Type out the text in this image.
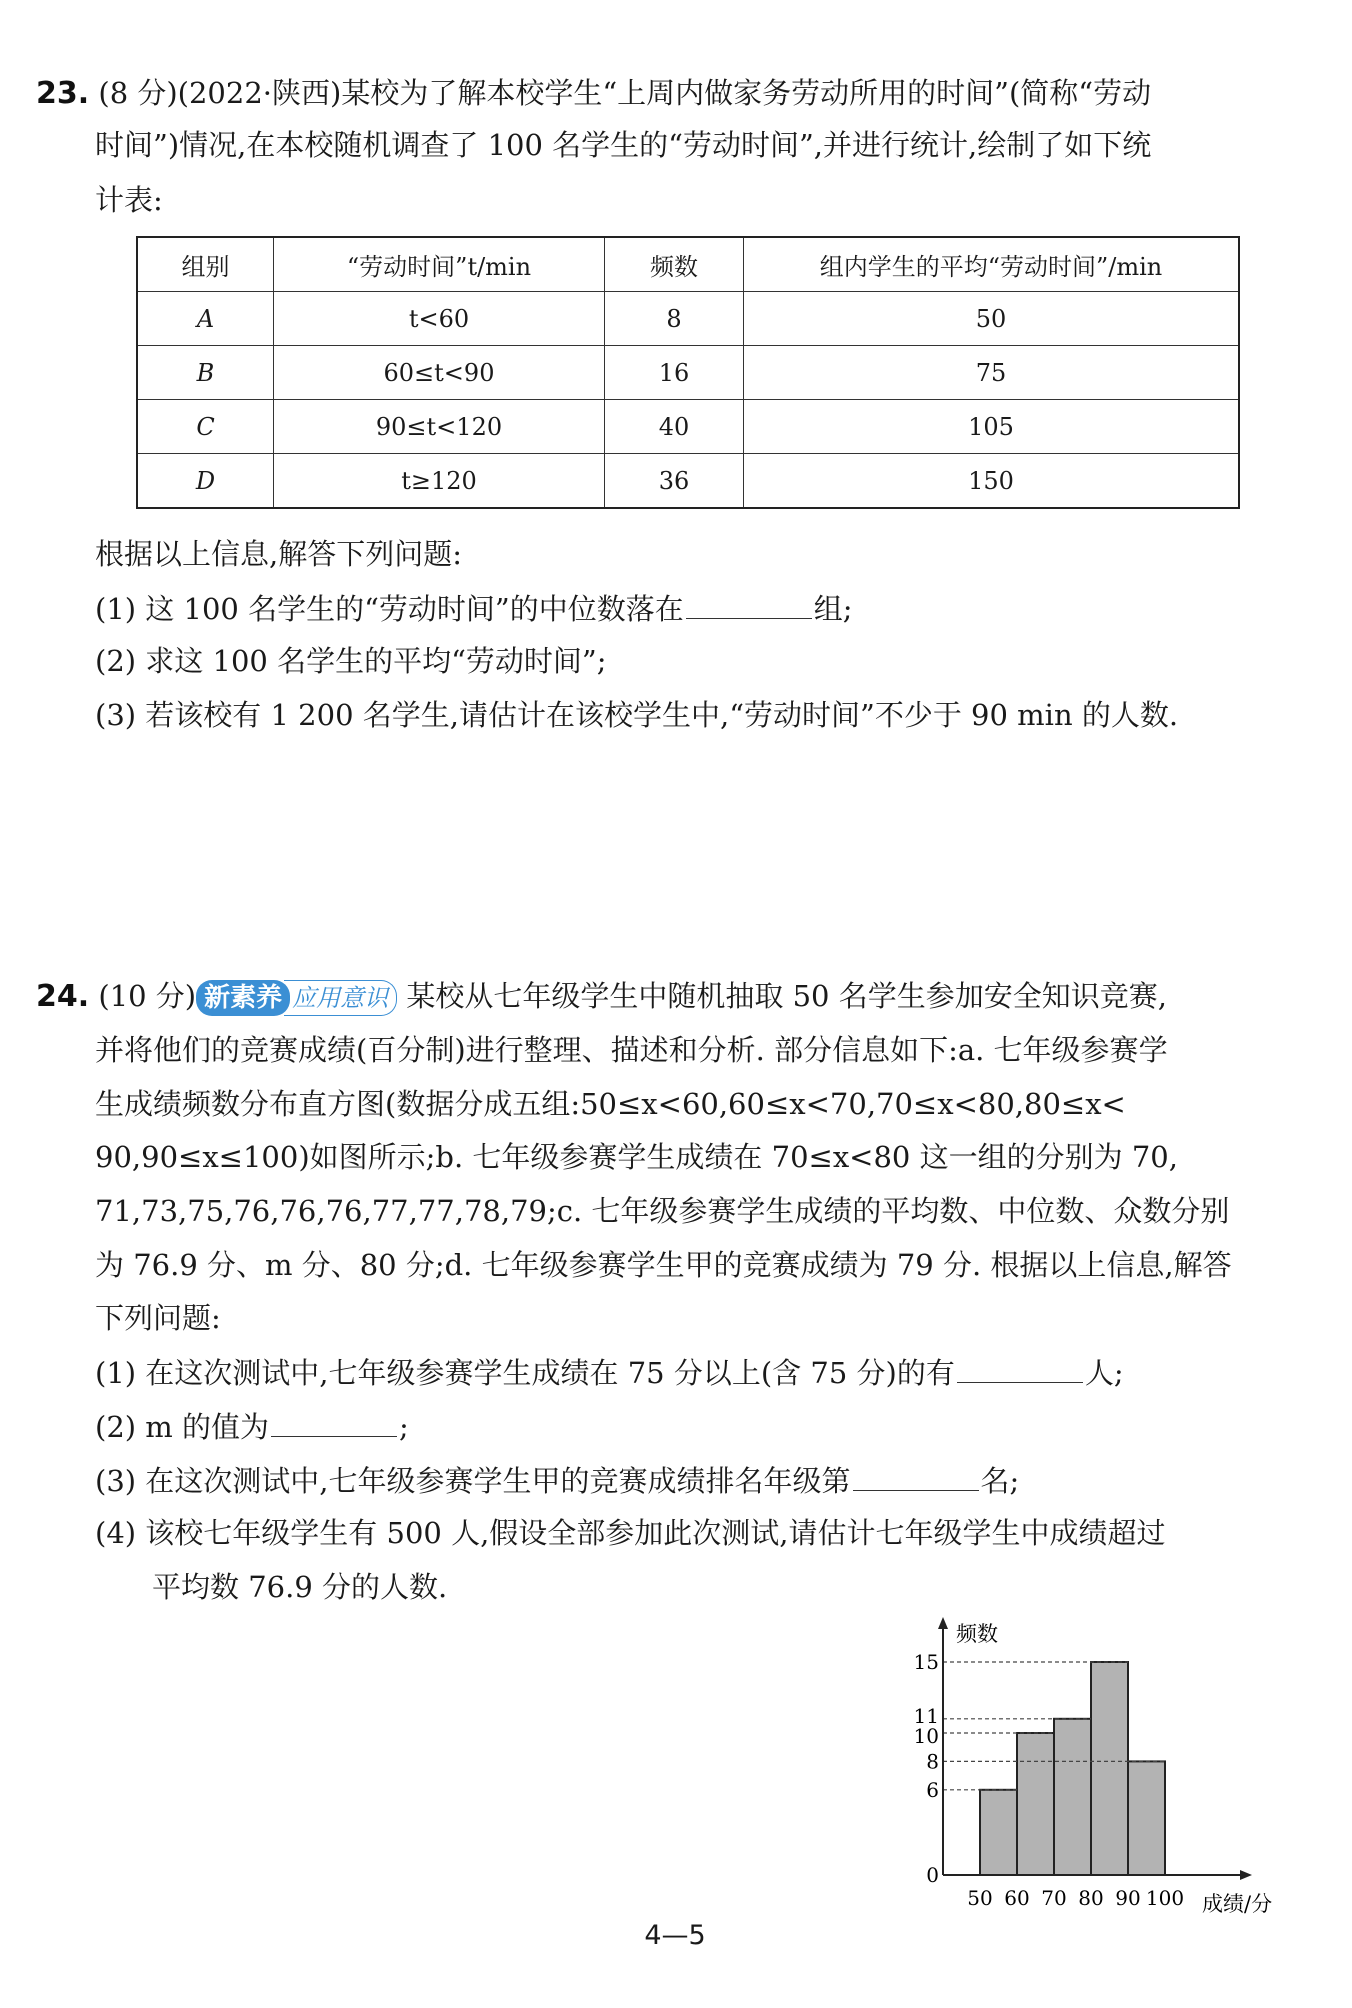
23. (8 分)(2022·陕西)某校为了解本校学生“上周内做家务劳动所用的时间”(简称“劳动
时间”)情况,在本校随机调查了 100 名学生的“劳动时间”,并进行统计,绘制了如下统
计表:
组别	“劳动时间”t/min	频数	组内学生的平均“劳动时间”/min
A	t<60	8	50
B	60≤t<90	16	75
C	90≤t<120	40	105
D	t≥120	36	150
根据以上信息,解答下列问题:
(1) 这 100 名学生的“劳动时间”的中位数落在	组;
(2) 求这 100 名学生的平均“劳动时间”;
(3) 若该校有 1 200 名学生,请估计在该校学生中,“劳动时间”不少于 90 min 的人数.
24. (10 分) 新素养 应用意识 某校从七年级学生中随机抽取 50 名学生参加安全知识竞赛,
并将他们的竞赛成绩(百分制)进行整理、描述和分析. 部分信息如下:a. 七年级参赛学
生成绩频数分布直方图(数据分成五组:50≤x<60,60≤x<70,70≤x<80,80≤x<
90,90≤x≤100)如图所示;b. 七年级参赛学生成绩在 70≤x<80 这一组的分别为 70,
71,73,75,76,76,76,77,77,78,79;c. 七年级参赛学生成绩的平均数、中位数、众数分别
为 76.9 分、m 分、80 分;d. 七年级参赛学生甲的竞赛成绩为 79 分. 根据以上信息,解答
下列问题:
(1) 在这次测试中,七年级参赛学生成绩在 75 分以上(含 75 分)的有	人;
(2) m 的值为	;
(3) 在这次测试中,七年级参赛学生甲的竞赛成绩排名年级第	名;
(4) 该校七年级学生有 500 人,假设全部参加此次测试,请估计七年级学生中成绩超过
平均数 76.9 分的人数.
0
6
8
10
11
15
50 60 70 80 90 100
频数
成绩/分
4—5
